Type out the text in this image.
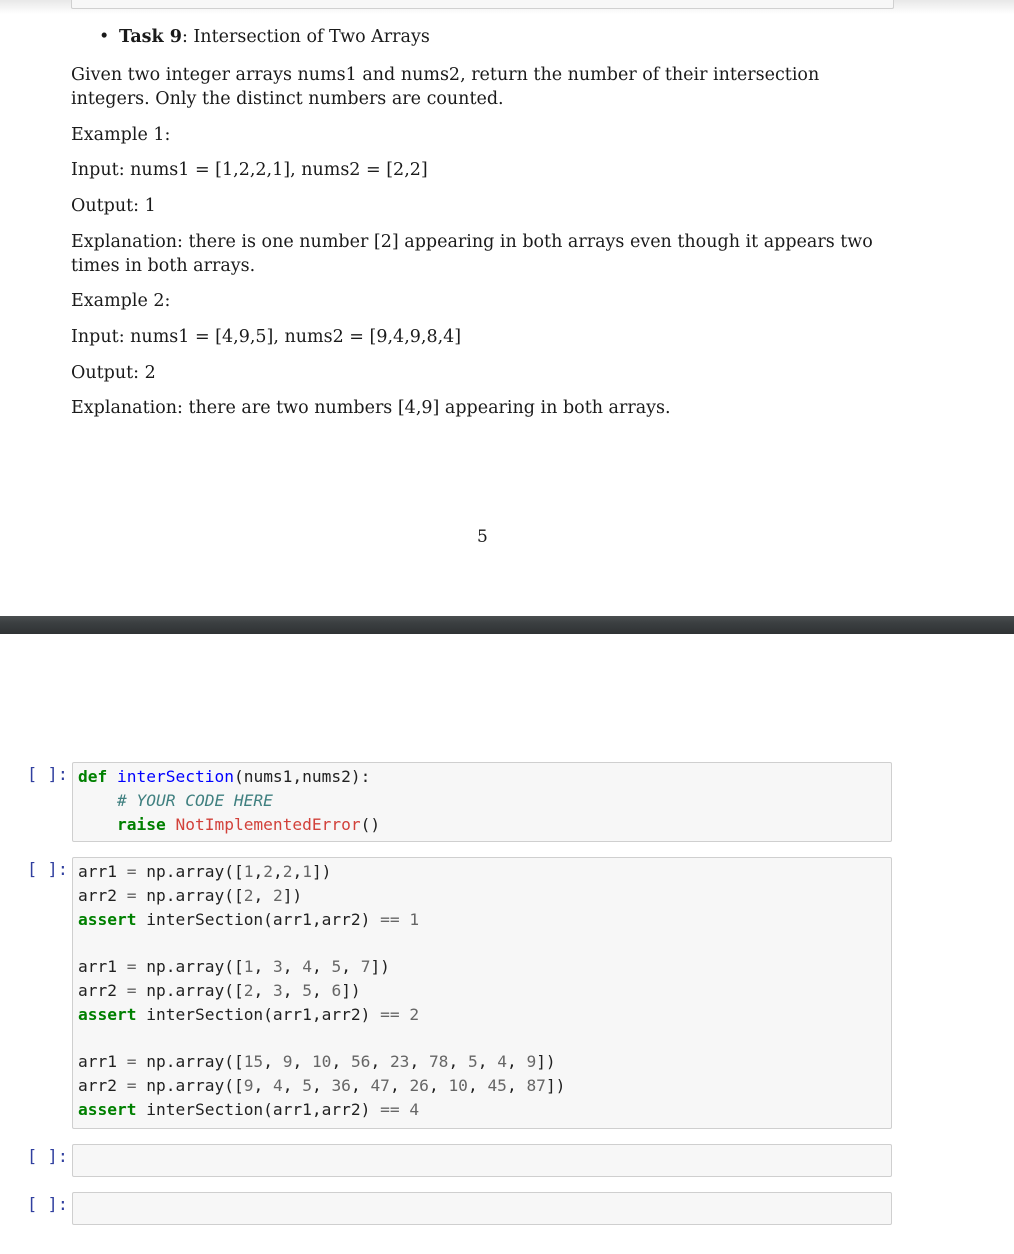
• Task 9: Intersection of Two Arrays
Given two integer arrays nums1 and nums2, return the number of their intersection integers. Only the distinct numbers are counted.
Example 1:
Input: nums1 = [1,2,2,1], nums2 = [2,2]
Output: 1
Explanation: there is one number [2] appearing in both arrays even though it appears two times in both arrays.
Example 2:
Input: nums1 = [4,9,5], nums2 = [9,4,9,8,4]
Output: 2
Explanation: there are two numbers [4,9] appearing in both arrays.
5
[ ]: def interSection(nums1,nums2):
# YOUR CODE HERE
raise NotImplementedError()
[ ]: arr1 = np.array([1,2,2,1])
arr2 = np.array([2, 2])
assert interSection(arr1,arr2) == 1
arr1 = np.array([1, 3, 4, 5, 7])
arr2 = np.array([2, 3, 5, 6])
assert interSection(arr1,arr2) == 2
arr1 = np.array([15, 9, 10, 56, 23, 78, 5, 4, 9])
arr2 = np.array([9, 4, 5, 36, 47, 26, 10, 45, 87])
assert interSection(arr1,arr2) == 4
[ ]:
[ ]:
